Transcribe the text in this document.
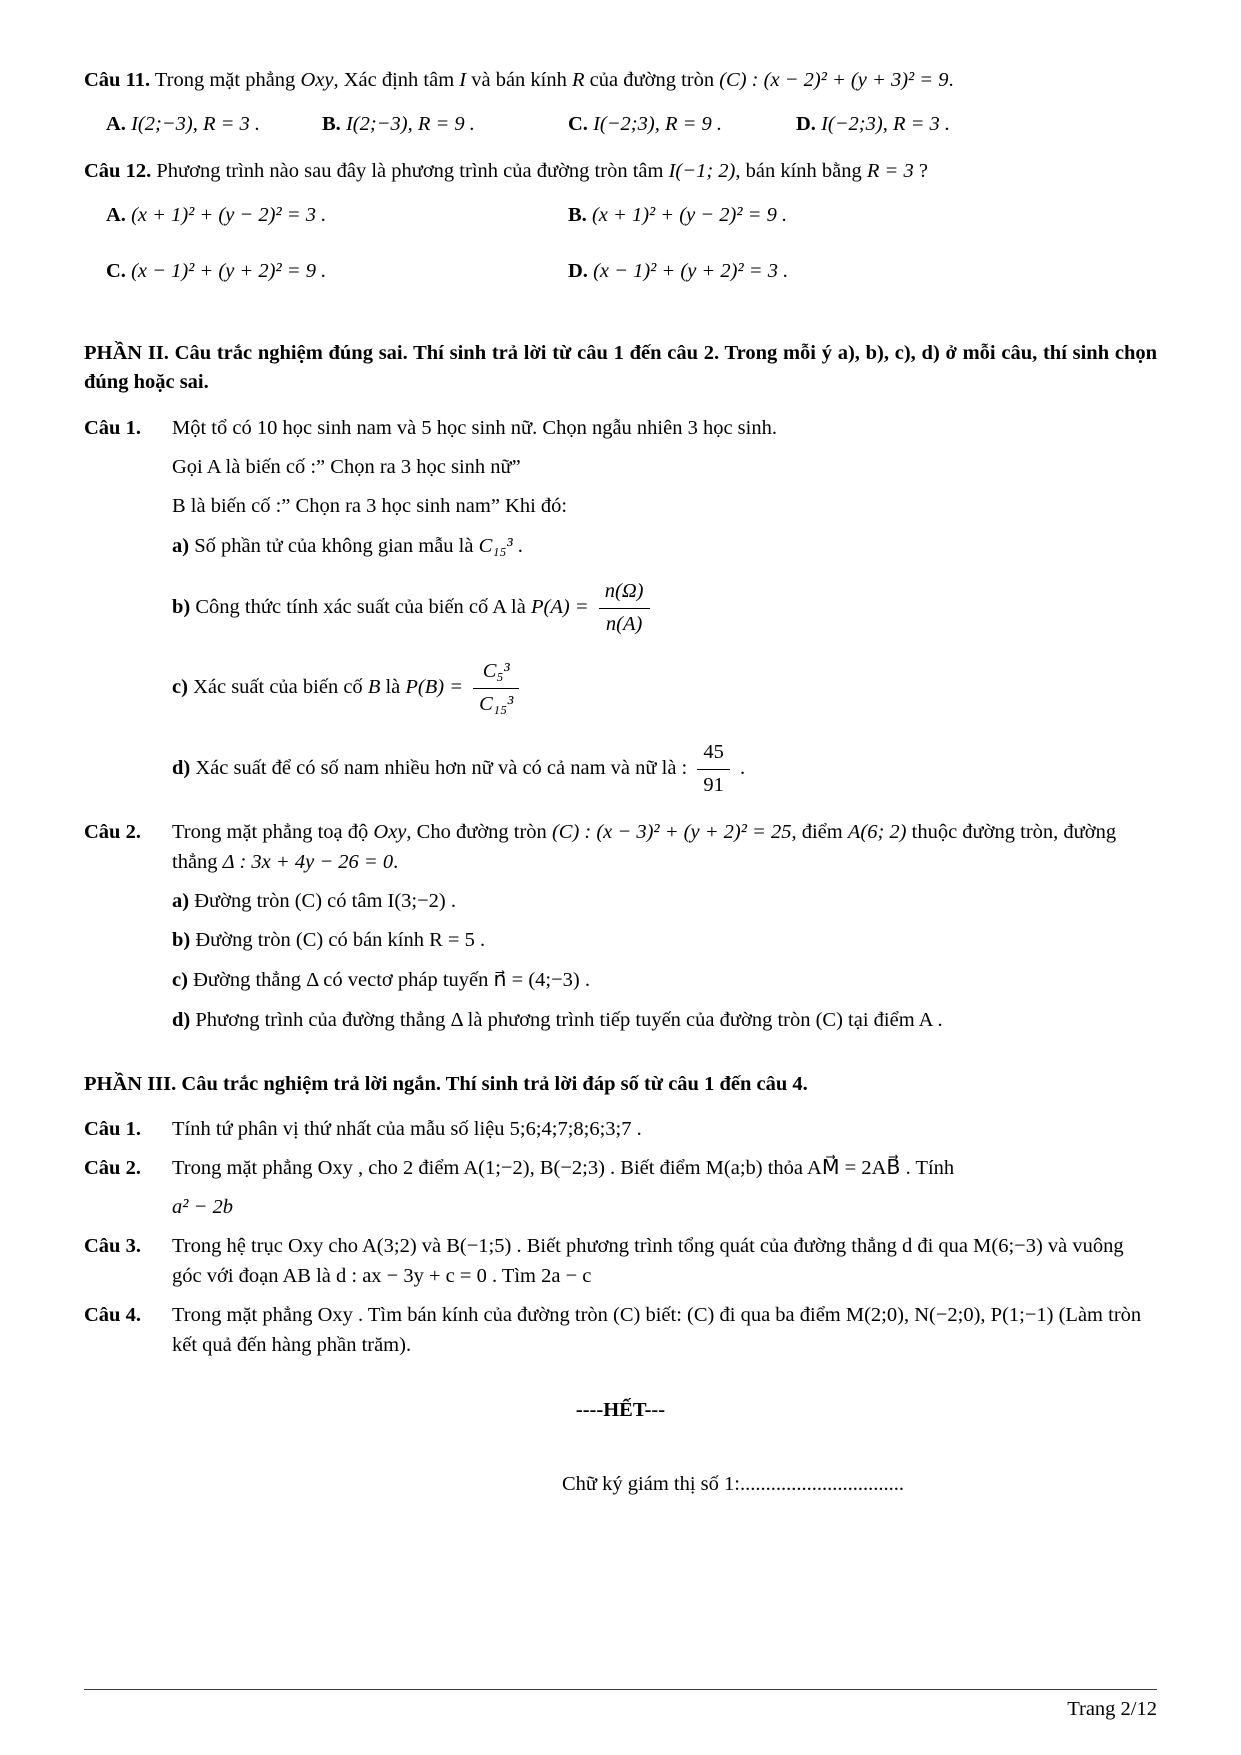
Câu 11. Trong mặt phẳng Oxy, Xác định tâm I và bán kính R của đường tròn (C) : (x − 2)² + (y + 3)² = 9.

A. I(2;−3), R = 3 .	B. I(2;−3), R = 9 .	C. I(−2;3), R = 9 .	D. I(−2;3), R = 3 .

Câu 12. Phương trình nào sau đây là phương trình của đường tròn tâm I(−1; 2), bán kính bằng R = 3 ?

A. (x + 1)² + (y − 2)² = 3 .	B. (x + 1)² + (y − 2)² = 9 .
C. (x − 1)² + (y + 2)² = 9 .	D. (x − 1)² + (y + 2)² = 3 .

PHẦN II. Câu trắc nghiệm đúng sai. Thí sinh trả lời từ câu 1 đến câu 2. Trong mỗi ý a), b), c), d) ở mỗi câu, thí sinh chọn đúng hoặc sai.

Câu 1.	Một tổ có 10 học sinh nam và 5 học sinh nữ. Chọn ngẫu nhiên 3 học sinh.

Gọi A là biến cố :” Chọn ra 3 học sinh nữ”

B là biến cố :” Chọn ra 3 học sinh nam” Khi đó:

a) Số phần tử của không gian mẫu là C₁₅³ .

b) Công thức tính xác suất của biến cố A là $P(A) = \frac{n(\Omega)}{n(A)}$

c) Xác suất của biến cố B là $P(B) = \frac{\text{C₅³}}{\text{C₁₅³}}$

d) Xác suất để có số nam nhiều hơn nữ và có cả nam và nữ là : $\frac{45}{91}$ .

Câu 2.	Trong mặt phẳng toạ độ Oxy, Cho đường tròn (C) : (x − 3)² + (y + 2)² = 25, điểm A(6; 2) thuộc đường tròn, đường thẳng Δ : 3x + 4y − 26 = 0.

a) Đường tròn (C) có tâm I(3;−2) .

b) Đường tròn (C) có bán kính R = 5 .

c) Đường thẳng Δ có vectơ pháp tuyến n⃗ = (4;−3) .

d) Phương trình của đường thẳng Δ là phương trình tiếp tuyến của đường tròn (C) tại điểm A .

PHẦN III. Câu trắc nghiệm trả lời ngắn. Thí sinh trả lời đáp số từ câu 1 đến câu 4.

Câu 1.	Tính tứ phân vị thứ nhất của mẫu số liệu 5;6;4;7;8;6;3;7 .
Câu 2.	Trong mặt phẳng Oxy , cho 2 điểm A(1;−2), B(−2;3) . Biết điểm M(a;b) thỏa AM⃗ = 2AB⃗ . Tính

a² − 2b

Câu 3.	Trong hệ trục Oxy cho A(3;2) và B(−1;5) . Biết phương trình tổng quát của đường thẳng d đi qua M(6;−3) và vuông góc với đoạn AB là d : ax − 3y + c = 0 . Tìm 2a − c
Câu 4.	Trong mặt phẳng Oxy . Tìm bán kính của đường tròn (C) biết: (C) đi qua ba điểm M(2;0), N(−2;0), P(1;−1) (Làm tròn kết quả đến hàng phần trăm).

----HẾT---

Chữ ký giám thị số 1:................................

Trang 2/12
